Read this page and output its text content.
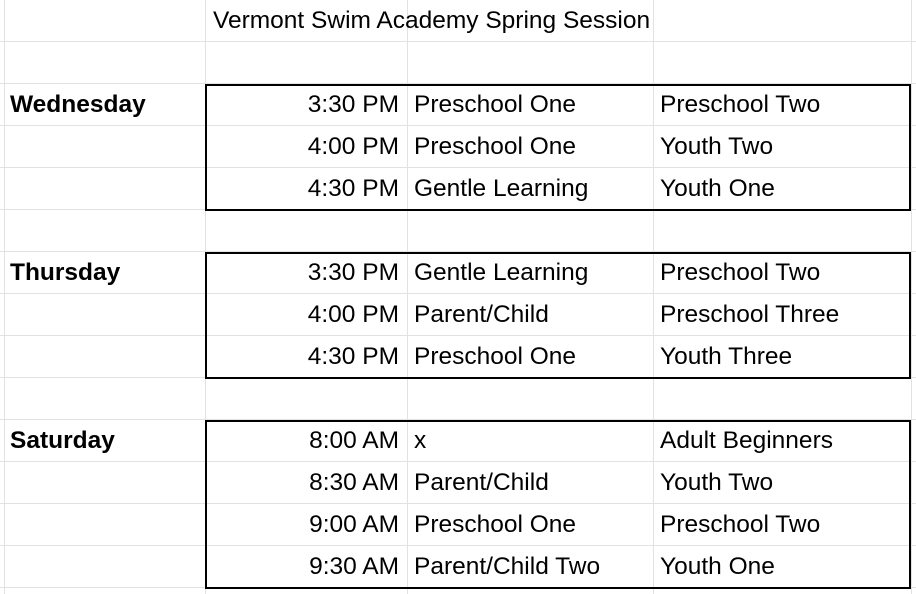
Vermont Swim Academy Spring Session
Wednesday	3:30 PM Preschool One	Preschool Two
4:00 PM Preschool One	Youth Two
4:30 PM Gentle Learning	Youth One
Thursday	3:30 PM Gentle Learning	Preschool Two
4:00 PM Parent/Child	Preschool Three
4:30 PM Preschool One	Youth Three
Saturday	8:00 AM x	Adult Beginners
8:30 AM Parent/Child	Youth Two
9:00 AM Preschool One	Preschool Two
9:30 AM Parent/Child Two	Youth One
